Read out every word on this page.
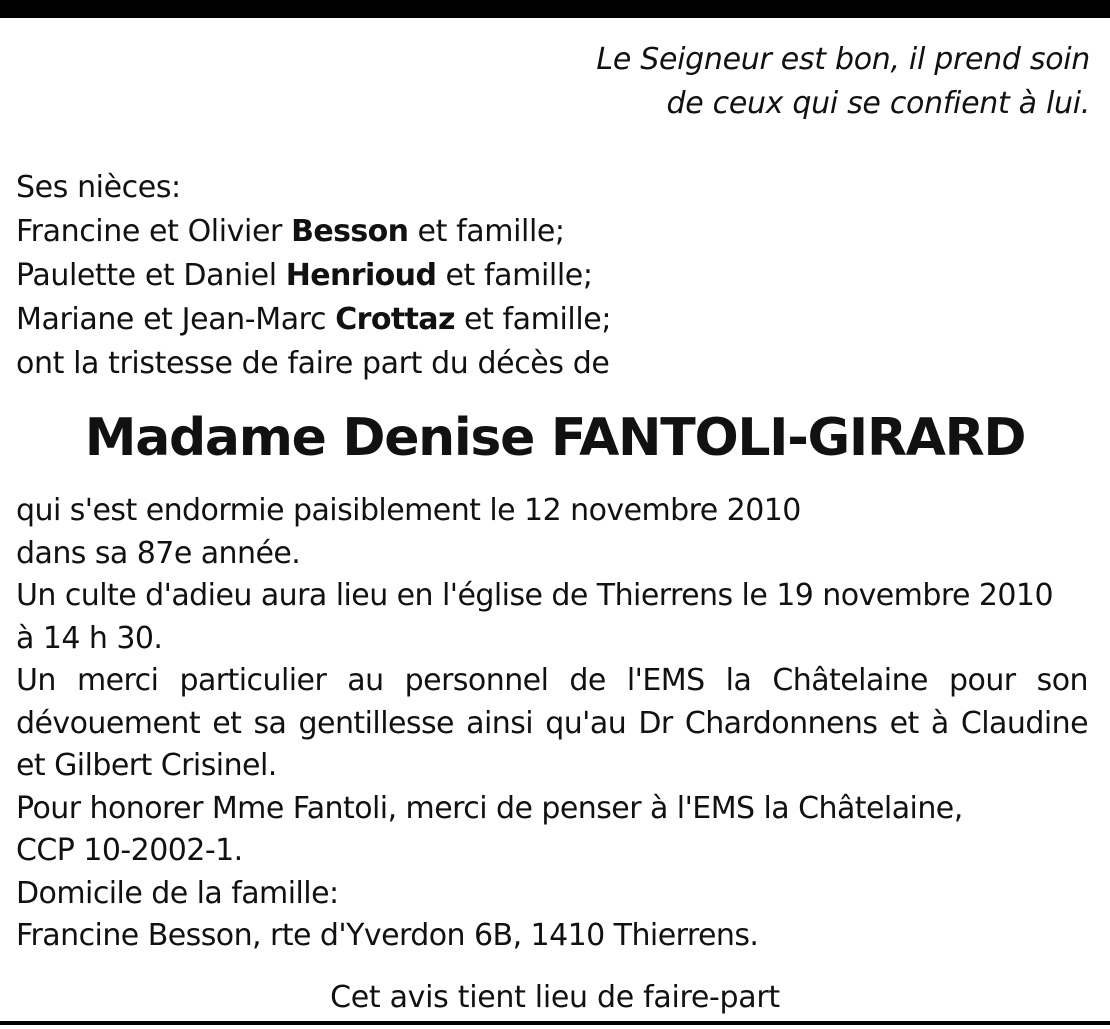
Le Seigneur est bon, il prend soin
de ceux qui se confient à lui.
Ses nièces:
Francine et Olivier Besson et famille;
Paulette et Daniel Henrioud et famille;
Mariane et Jean-Marc Crottaz et famille;
ont la tristesse de faire part du décès de
Madame Denise FANTOLI-GIRARD

qui s'est endormie paisiblement le 12 novembre 2010

dans sa 87e année.

Un culte d'adieu aura lieu en l'église de Thierrens le 19 novembre 2010

à 14 h 30.

Un merci particulier au personnel de l'EMS la Châtelaine pour son dévouement et sa gentillesse ainsi qu'au Dr Chardonnens et à Claudine et Gilbert Crisinel.

Pour honorer Mme Fantoli, merci de penser à l'EMS la Châtelaine,

CCP 10-2002-1.

Domicile de la famille:

Francine Besson, rte d'Yverdon 6B, 1410 Thierrens.

Cet avis tient lieu de faire-part
